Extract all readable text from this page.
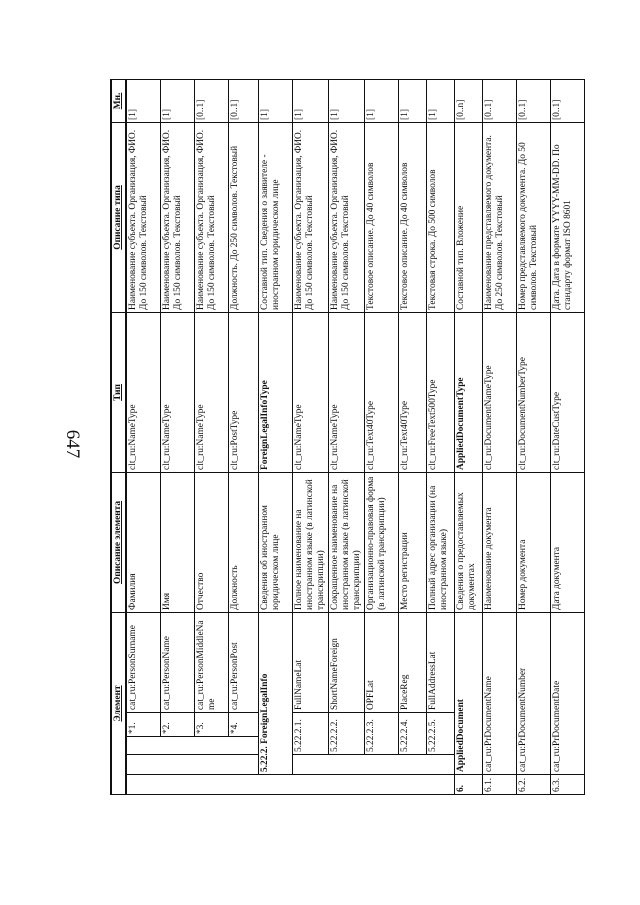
647
Элемент					Описание элемента	Тип	Описание типа	Мн.
			*1.	cat_ru:PersonSurname	Фамилия	clt_ru:NameType	Наименование субъекта. Организация, ФИО. До 150 символов. Текстовый	[1]
			*2.	cat_ru:PersonName	Имя	clt_ru:NameType	Наименование субъекта. Организация, ФИО. До 150 символов. Текстовый	[1]
			*3.	cat_ru:PersonMiddleName	Отчество	clt_ru:NameType	Наименование субъекта. Организация, ФИО. До 150 символов. Текстовый	[0..1]
			*4.	cat_ru:PersonPost	Должность	clt_ru:PostType	Должность. До 250 символов. Текстовый	[0..1]
	5.22.2. ForeignLegalInfo				Сведения об иностранном юридическом лице	ForeignLegalInfoType	Составной тип. Сведения о заявителе - иностранном юридическом лице	[1]
		5.22.2.1.		FullNameLat	Полное наименование на иностранном языке (в латинской транскрипции)	clt_ru:NameType	Наименование субъекта. Организация, ФИО. До 150 символов. Текстовый	[1]
		5.22.2.2.		ShortNameForeign	Сокращенное наименование на иностранном языке (в латинской транскрипции)	clt_ru:NameType	Наименование субъекта. Организация, ФИО. До 150 символов. Текстовый	[1]
		5.22.2.3.		OPFLat	Организационно-правовая форма (в латинской транскрипции)	clt_ru:Text40Type	Текстовое описание. До 40 символов	[1]
		5.22.2.4.		PlaceReg	Место регистрации	clt_ru:Text40Type	Текстовое описание. До 40 символов	[1]
		5.22.2.5.		FullAddressLat	Полный адрес организации (на иностранном языке)	clt_ru:FreeText500Type	Текстовая строка. До 500 символов	[1]
6.	AppliedDocument				Сведения о предоставляемых документах	AppliedDocumentType	Составной тип. Вложение	[0..n]
6.1.	cat_ru:PrDocumentName				Наименование документа	clt_ru:DocumentNameType	Наименование представляемого документа. До 250 символов. Текстовый	[0..1]
6.2.	cat_ru:PrDocumentNumber				Номер документа	clt_ru:DocumentNumberType	Номер представляемого документа. До 50 символов. Текстовый	[0..1]
6.3.	cat_ru:PrDocumentDate				Дата документа	clt_ru:DateCustType	Дата. Дата в формате YYYY-MM-DD. По стандарту формат ISO 8601	[0..1]
